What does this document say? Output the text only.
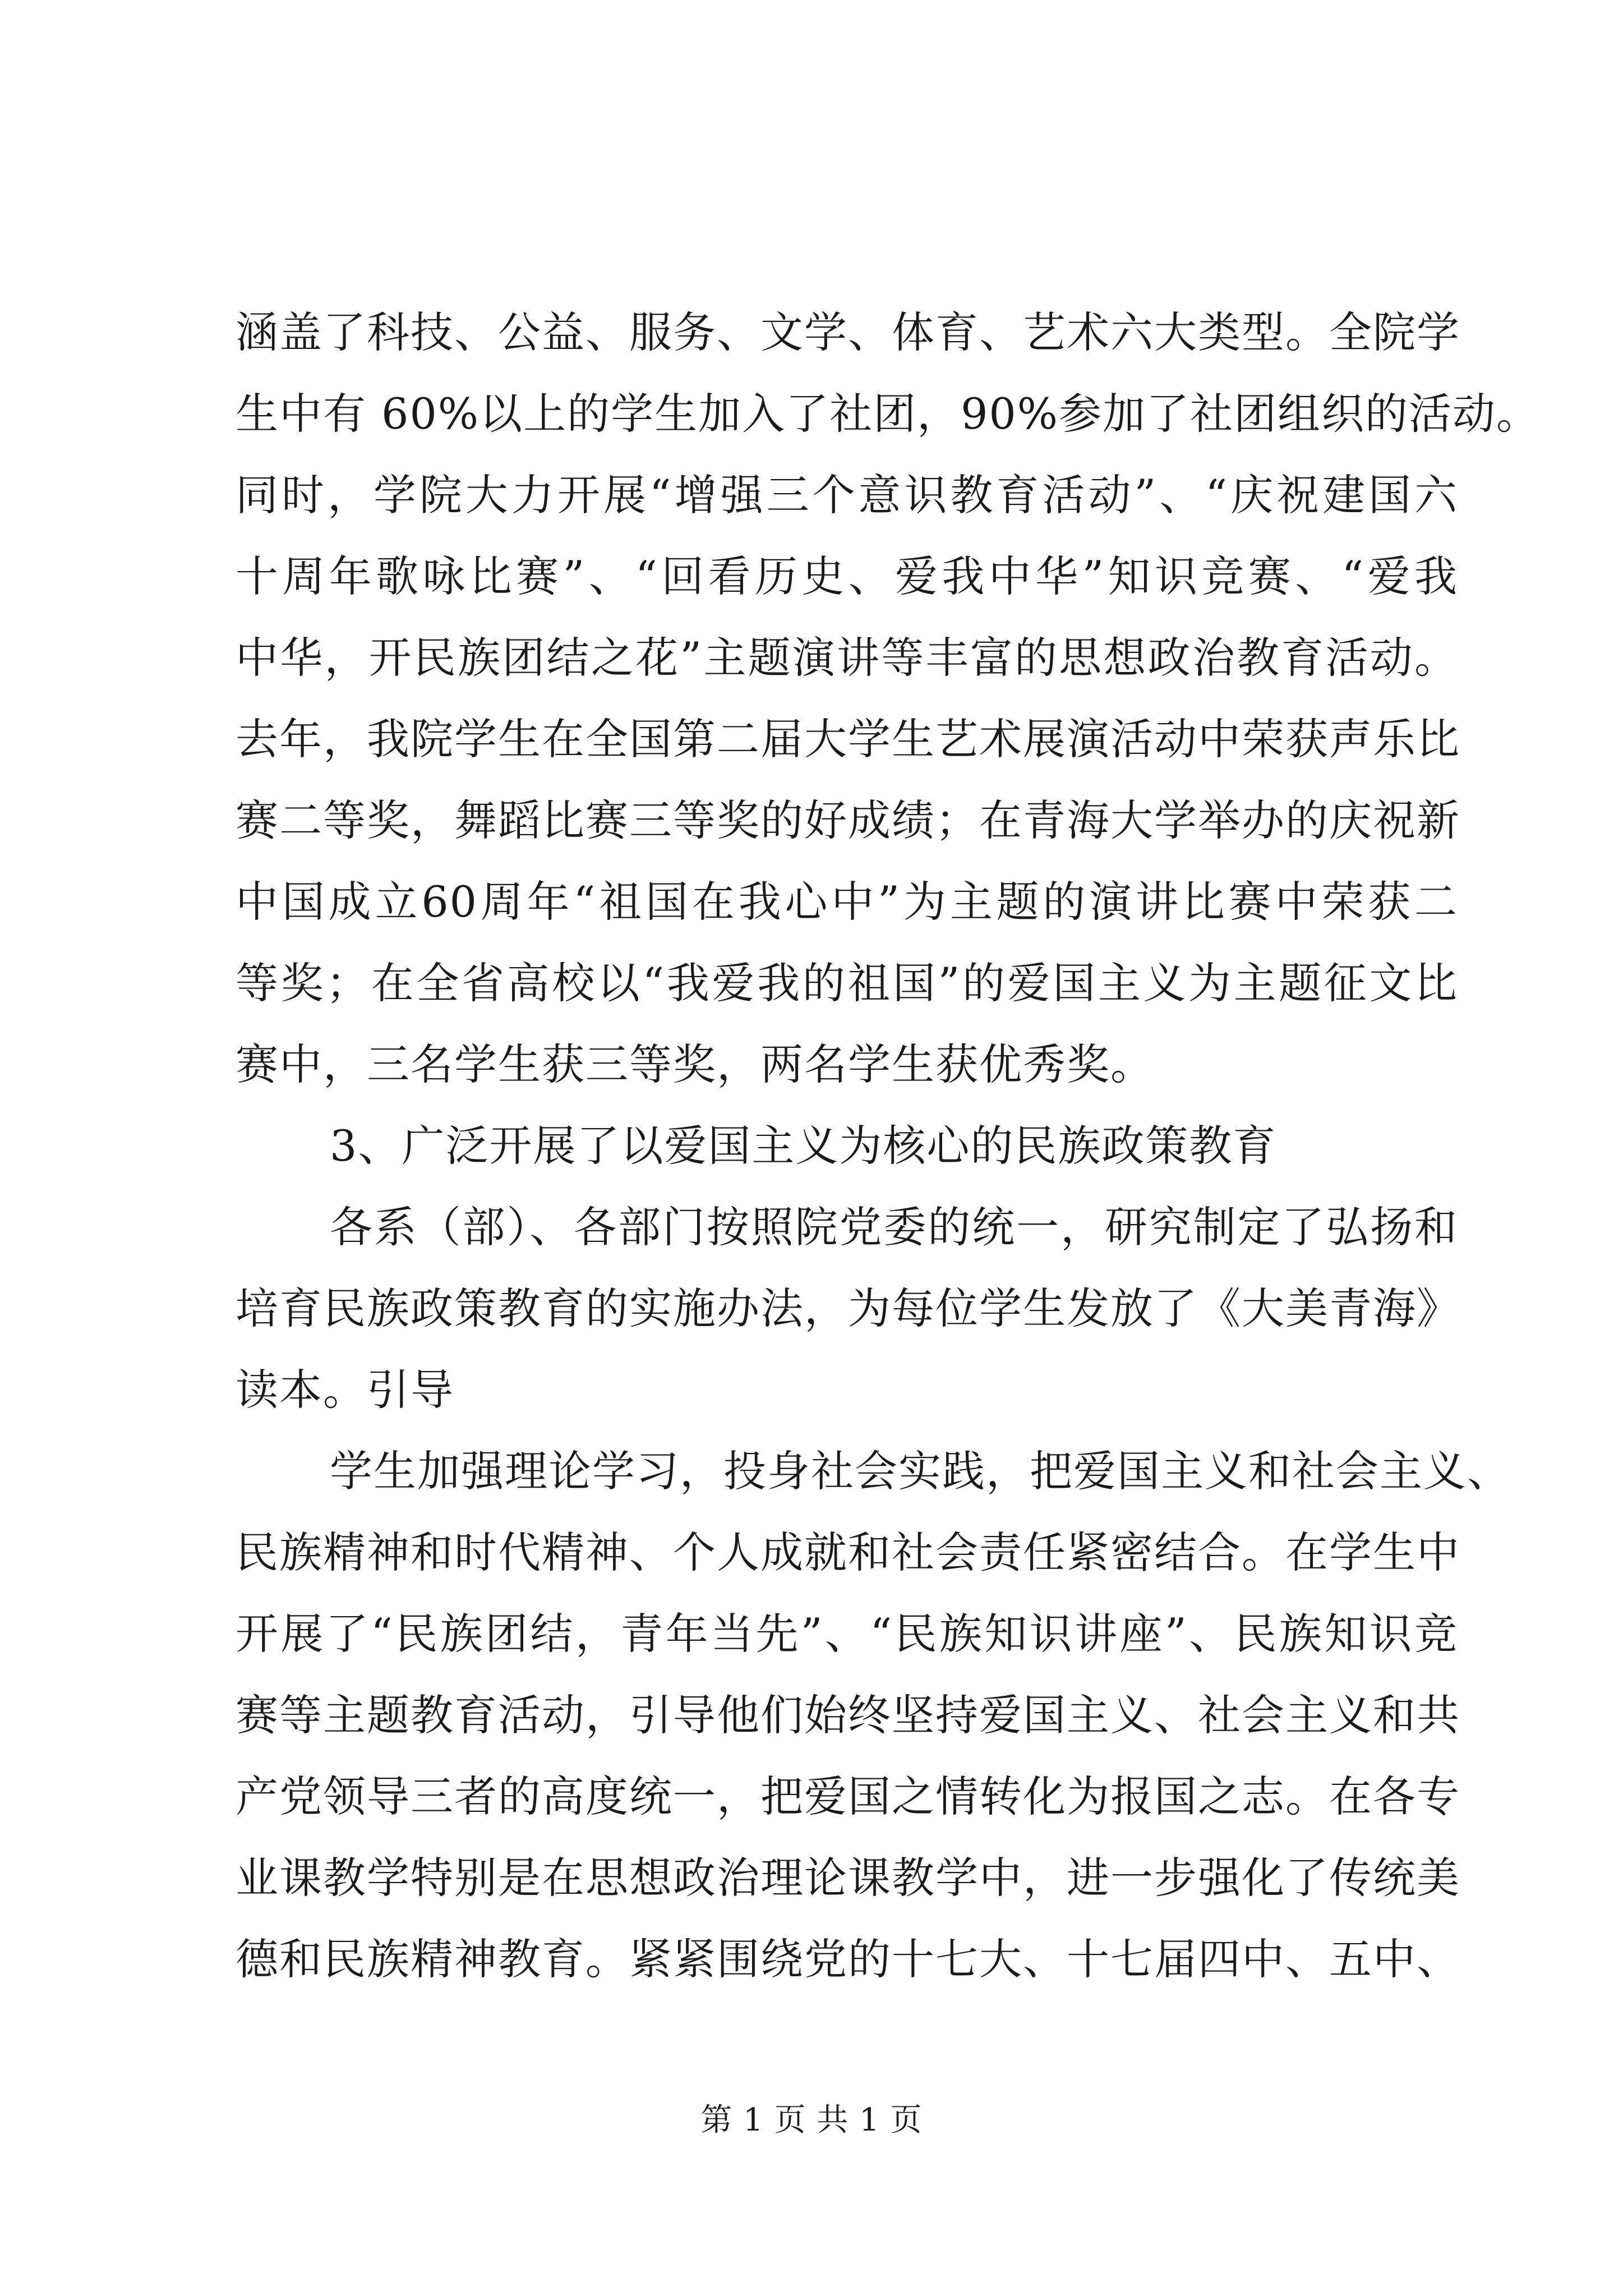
涵盖了科技、公益、服务、文学、体育、艺术六大类型。全院学
生中有 60%以上的学生加入了社团，90%参加了社团组织的活动。
同时，学院大力开展“增强三个意识教育活动”、“庆祝建国六
十周年歌咏比赛”、“回看历史、爱我中华”知识竞赛、“爱我
中华，开民族团结之花”主题演讲等丰富的思想政治教育活动。
去年，我院学生在全国第二届大学生艺术展演活动中荣获声乐比
赛二等奖，舞蹈比赛三等奖的好成绩；在青海大学举办的庆祝新
中国成立60周年“祖国在我心中”为主题的演讲比赛中荣获二
等奖；在全省高校以“我爱我的祖国”的爱国主义为主题征文比
赛中，三名学生获三等奖，两名学生获优秀奖。
3、广泛开展了以爱国主义为核心的民族政策教育
各系（部）、各部门按照院党委的统一，研究制定了弘扬和
培育民族政策教育的实施办法，为每位学生发放了《大美青海》
读本。引导
学生加强理论学习，投身社会实践，把爱国主义和社会主义、
民族精神和时代精神、个人成就和社会责任紧密结合。在学生中
开展了“民族团结，青年当先”、“民族知识讲座”、民族知识竞
赛等主题教育活动，引导他们始终坚持爱国主义、社会主义和共
产党领导三者的高度统一，把爱国之情转化为报国之志。在各专
业课教学特别是在思想政治理论课教学中，进一步强化了传统美
德和民族精神教育。紧紧围绕党的十七大、十七届四中、五中、
第 1 页 共 1 页
